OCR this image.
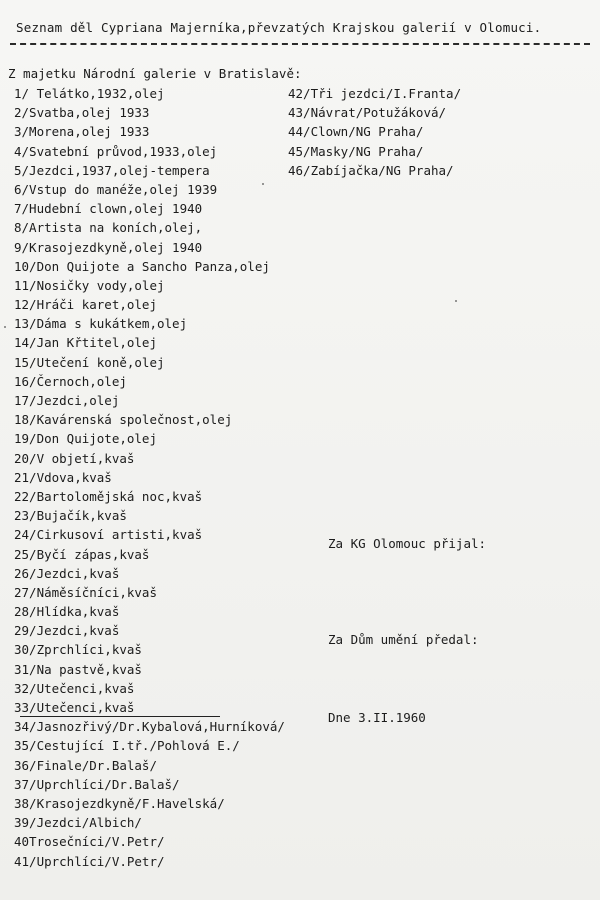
Seznam děl Cypriana Majerníka,převzatých Krajskou galerií v Olomuci.
Z majetku Národní galerie v Bratislavě:
1/ Telátko,1932,olej
2/Svatba,olej 1933
3/Morena,olej 1933
4/Svatební průvod,1933,olej
5/Jezdci,1937,olej-tempera
6/Vstup do manéže,olej 1939
7/Hudební clown,olej 1940
8/Artista na koních,olej,
9/Krasojezdkyně,olej 1940
10/Don Quijote a Sancho Panza,olej
11/Nosičky vody,olej
12/Hráči karet,olej
13/Dáma s kukátkem,olej
14/Jan Křtitel,olej
15/Utečení koně,olej
16/Černoch,olej
17/Jezdci,olej
18/Kavárenská společnost,olej
19/Don Quijote,olej
20/V objetí,kvaš
21/Vdova,kvaš
22/Bartolomějská noc,kvaš
23/Bujačík,kvaš
24/Cirkusoví artisti,kvaš
25/Byčí zápas,kvaš
26/Jezdci,kvaš
27/Náměsíčníci,kvaš
28/Hlídka,kvaš
29/Jezdci,kvaš
30/Zprchlíci,kvaš
31/Na pastvě,kvaš
32/Utečenci,kvaš
33/Utečenci,kvaš
34/Jasnozřivý/Dr.Kybalová,Hurníková/
35/Cestující I.tř./Pohlová E./
36/Finale/Dr.Balaš/
37/Uprchlíci/Dr.Balaš/
38/Krasojezdkyně/F.Havelská/
39/Jezdci/Albich/
40Trosečníci/V.Petr/
41/Uprchlíci/V.Petr/
42/Tři jezdci/I.Franta/
43/Návrat/Potužáková/
44/Clown/NG Praha/
45/Masky/NG Praha/
46/Zabíjačka/NG Praha/
Za KG Olomouc přijal:
Za Dům umění předal:
Dne 3.II.1960
